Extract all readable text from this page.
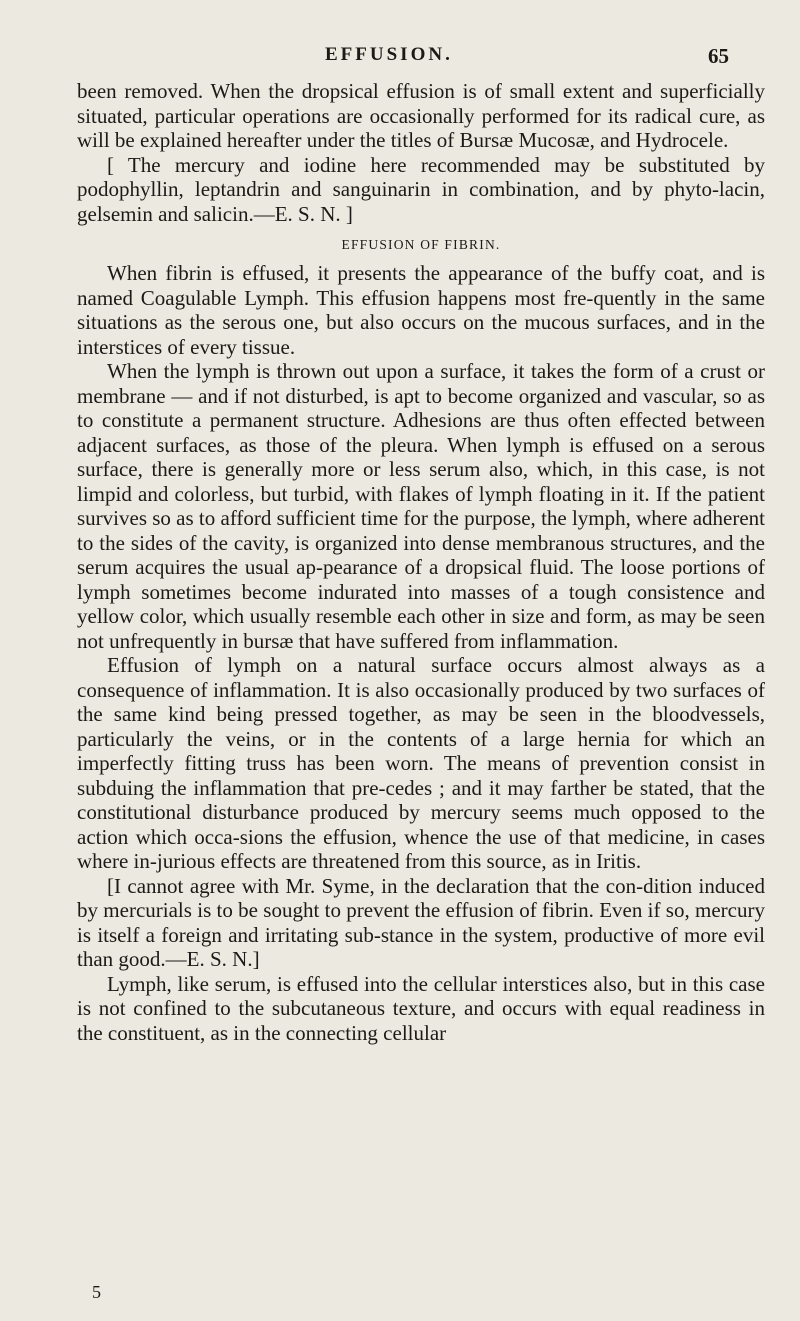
EFFUSION.	65

been removed. When the dropsical effusion is of small extent and superficially situated, particular operations are occasionally performed for its radical cure, as will be explained hereafter under the titles of Bursæ Mucosæ, and Hydrocele.

[ The mercury and iodine here recommended may be substituted by podophyllin, leptandrin and sanguinarin in combination, and by phyto-lacin, gelsemin and salicin.—E. S. N. ]

EFFUSION OF FIBRIN.

When fibrin is effused, it presents the appearance of the buffy coat, and is named Coagulable Lymph. This effusion happens most fre-quently in the same situations as the serous one, but also occurs on the mucous surfaces, and in the interstices of every tissue.

When the lymph is thrown out upon a surface, it takes the form of a crust or membrane — and if not disturbed, is apt to become organized and vascular, so as to constitute a permanent structure. Adhesions are thus often effected between adjacent surfaces, as those of the pleura. When lymph is effused on a serous surface, there is generally more or less serum also, which, in this case, is not limpid and colorless, but turbid, with flakes of lymph floating in it. If the patient survives so as to afford sufficient time for the purpose, the lymph, where adherent to the sides of the cavity, is organized into dense membranous structures, and the serum acquires the usual ap-pearance of a dropsical fluid. The loose portions of lymph sometimes become indurated into masses of a tough consistence and yellow color, which usually resemble each other in size and form, as may be seen not unfrequently in bursæ that have suffered from inflammation.

Effusion of lymph on a natural surface occurs almost always as a consequence of inflammation. It is also occasionally produced by two surfaces of the same kind being pressed together, as may be seen in the bloodvessels, particularly the veins, or in the contents of a large hernia for which an imperfectly fitting truss has been worn. The means of prevention consist in subduing the inflammation that pre-cedes ; and it may farther be stated, that the constitutional disturbance produced by mercury seems much opposed to the action which occa-sions the effusion, whence the use of that medicine, in cases where in-jurious effects are threatened from this source, as in Iritis.

[I cannot agree with Mr. Syme, in the declaration that the con-dition induced by mercurials is to be sought to prevent the effusion of fibrin. Even if so, mercury is itself a foreign and irritating sub-stance in the system, productive of more evil than good.—E. S. N.]

Lymph, like serum, is effused into the cellular interstices also, but in this case is not confined to the subcutaneous texture, and occurs with equal readiness in the constituent, as in the connecting cellular

5
